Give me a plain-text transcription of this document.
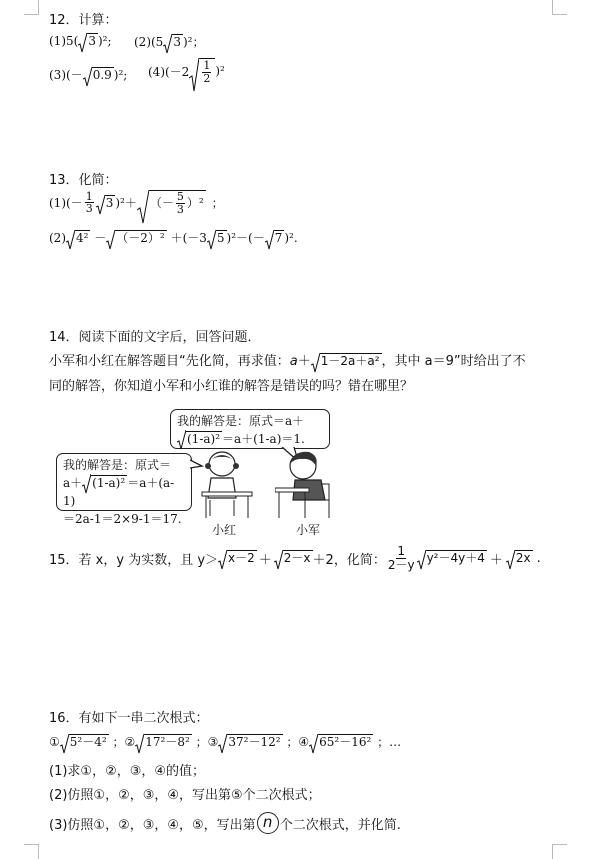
12．计算：
(1)5( 3 )²; (2)(5 3 )²；
(3)(－ 0.9 )²; $(4)(-2 \frac{1}{2} )^2$
13．化简：
$(1)(- \frac{1}{3}$	3 )²＋ （－ $\frac{5}{3} )^2$ ；
(2) 4² － （－2）² ＋(－3 5 )²－(－ 7 )².
14．阅读下面的文字后，回答问题．
小军和小红在解答题目“先化简，再求值：a＋ 1－2a＋a² ，其中 a＝9”时给出了不
同的解答，你知道小军和小红谁的解答是错误的吗？错在哪里？
我的解答是：原式＝a＋
(1-a)² ＝a＋(1-a)＝1.
我的解答是：原式＝
a＋ (1-a)² ＝a＋(a-1)
＝2a-1＝2×9-1＝17.
小红	小军
15．若 x，y 为实数，且 y＞ x－2 ＋	2－x ＋2，化简： $\frac{1}{2-y}$	y²－4y＋4 ＋	2x .
16．有如下一串二次根式：
① 5²－4² ；② 17²－8² ；③ 37²－12² ；④ 65²－16² ；…
(1)求①，②，③，④的值；
(2)仿照①，②，③，④，写出第⑤个二次根式；
(3)仿照①，②，③，④，⑤，写出第 n 个二次根式，并化简.
